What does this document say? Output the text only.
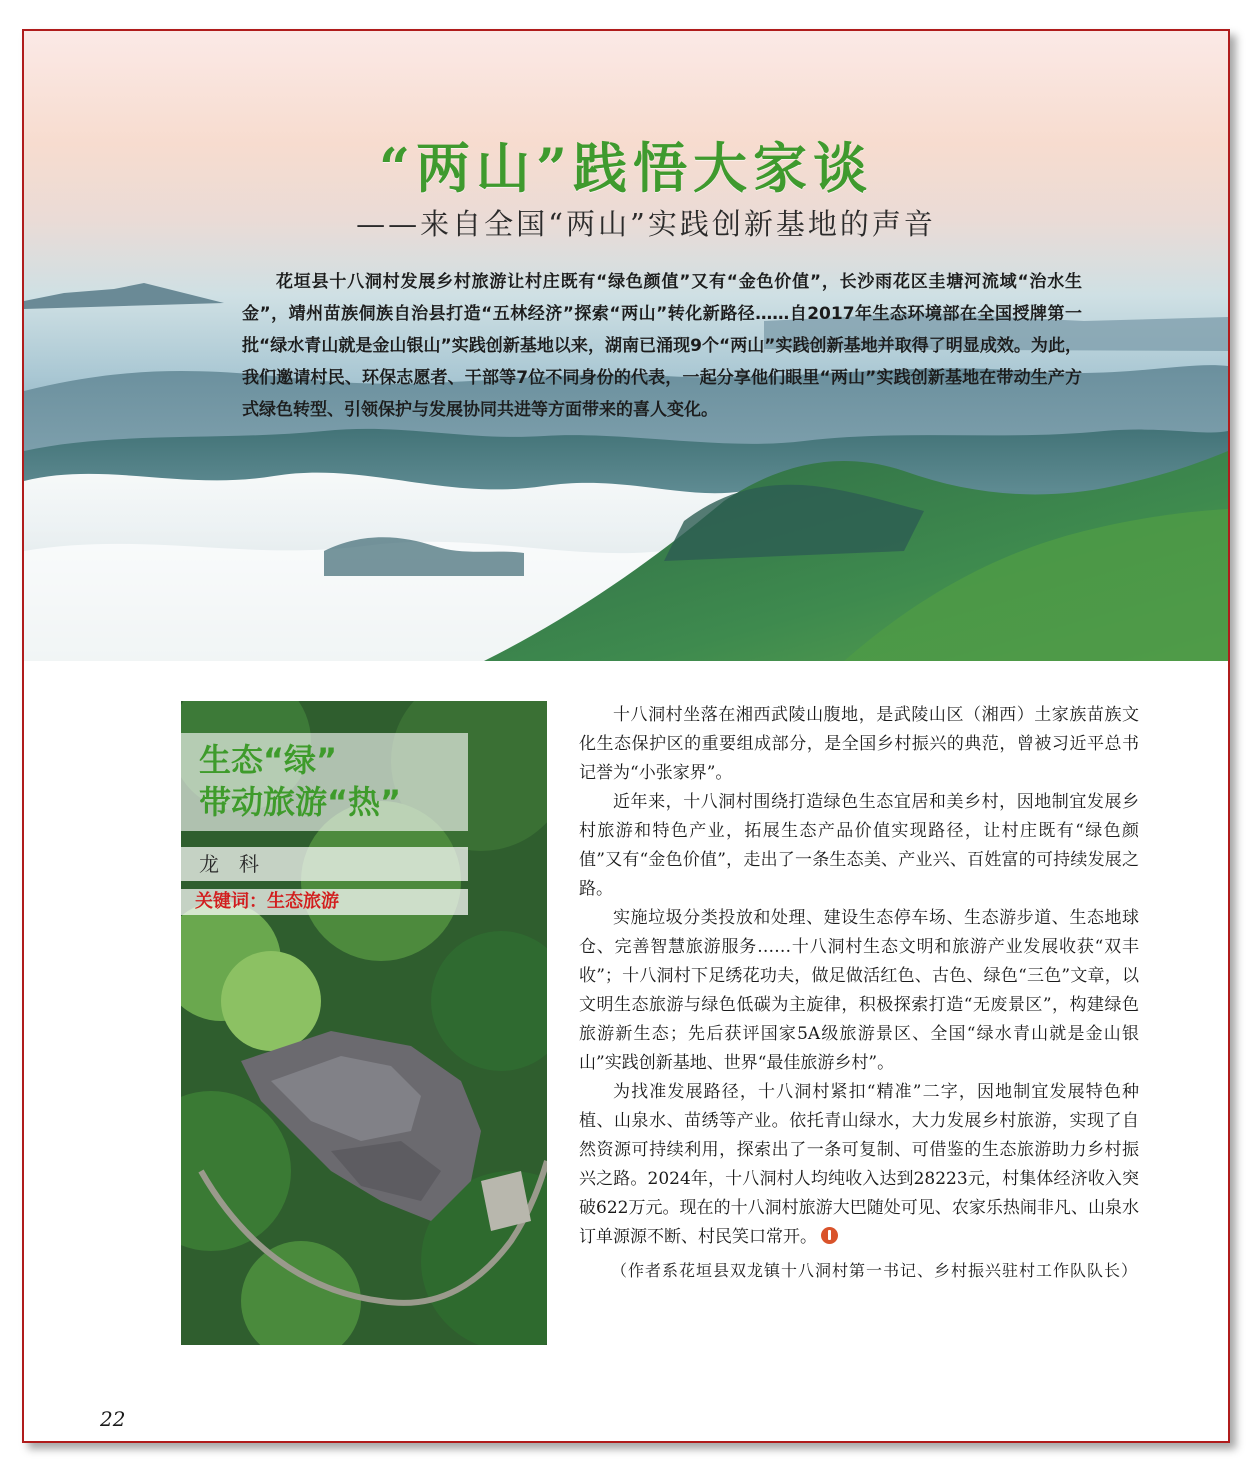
“两山”践悟大家谈
——来自全国“两山”实践创新基地的声音
花垣县十八洞村发展乡村旅游让村庄既有“绿色颜值”又有“金色价值”，长沙雨花区圭塘河流域“治水生金”，靖州苗族侗族自治县打造“五林经济”探索“两山”转化新路径……自2017年生态环境部在全国授牌第一批“绿水青山就是金山银山”实践创新基地以来，湖南已涌现9个“两山”实践创新基地并取得了明显成效。为此，我们邀请村民、环保志愿者、干部等7位不同身份的代表，一起分享他们眼里“两山”实践创新基地在带动生产方式绿色转型、引领保护与发展协同共进等方面带来的喜人变化。
生态“绿”
带动旅游“热”
龙科
关键词：生态旅游

十八洞村坐落在湘西武陵山腹地，是武陵山区（湘西）土家族苗族文化生态保护区的重要组成部分，是全国乡村振兴的典范，曾被习近平总书记誉为“小张家界”。

近年来，十八洞村围绕打造绿色生态宜居和美乡村，因地制宜发展乡村旅游和特色产业，拓展生态产品价值实现路径，让村庄既有“绿色颜值”又有“金色价值”，走出了一条生态美、产业兴、百姓富的可持续发展之路。

实施垃圾分类投放和处理、建设生态停车场、生态游步道、生态地球仓、完善智慧旅游服务……十八洞村生态文明和旅游产业发展收获“双丰收”；十八洞村下足绣花功夫，做足做活红色、古色、绿色“三色”文章，以文明生态旅游与绿色低碳为主旋律，积极探索打造“无废景区”，构建绿色旅游新生态；先后获评国家5A级旅游景区、全国“绿水青山就是金山银山”实践创新基地、世界“最佳旅游乡村”。

为找准发展路径，十八洞村紧扣“精准”二字，因地制宜发展特色种植、山泉水、苗绣等产业。依托青山绿水，大力发展乡村旅游，实现了自然资源可持续利用，探索出了一条可复制、可借鉴的生态旅游助力乡村振兴之路。2024年，十八洞村人均纯收入达到28223元，村集体经济收入突破622万元。现在的十八洞村旅游大巴随处可见、农家乐热闹非凡、山泉水订单源源不断、村民笑口常开。

（作者系花垣县双龙镇十八洞村第一书记、乡村振兴驻村工作队队长）

22
